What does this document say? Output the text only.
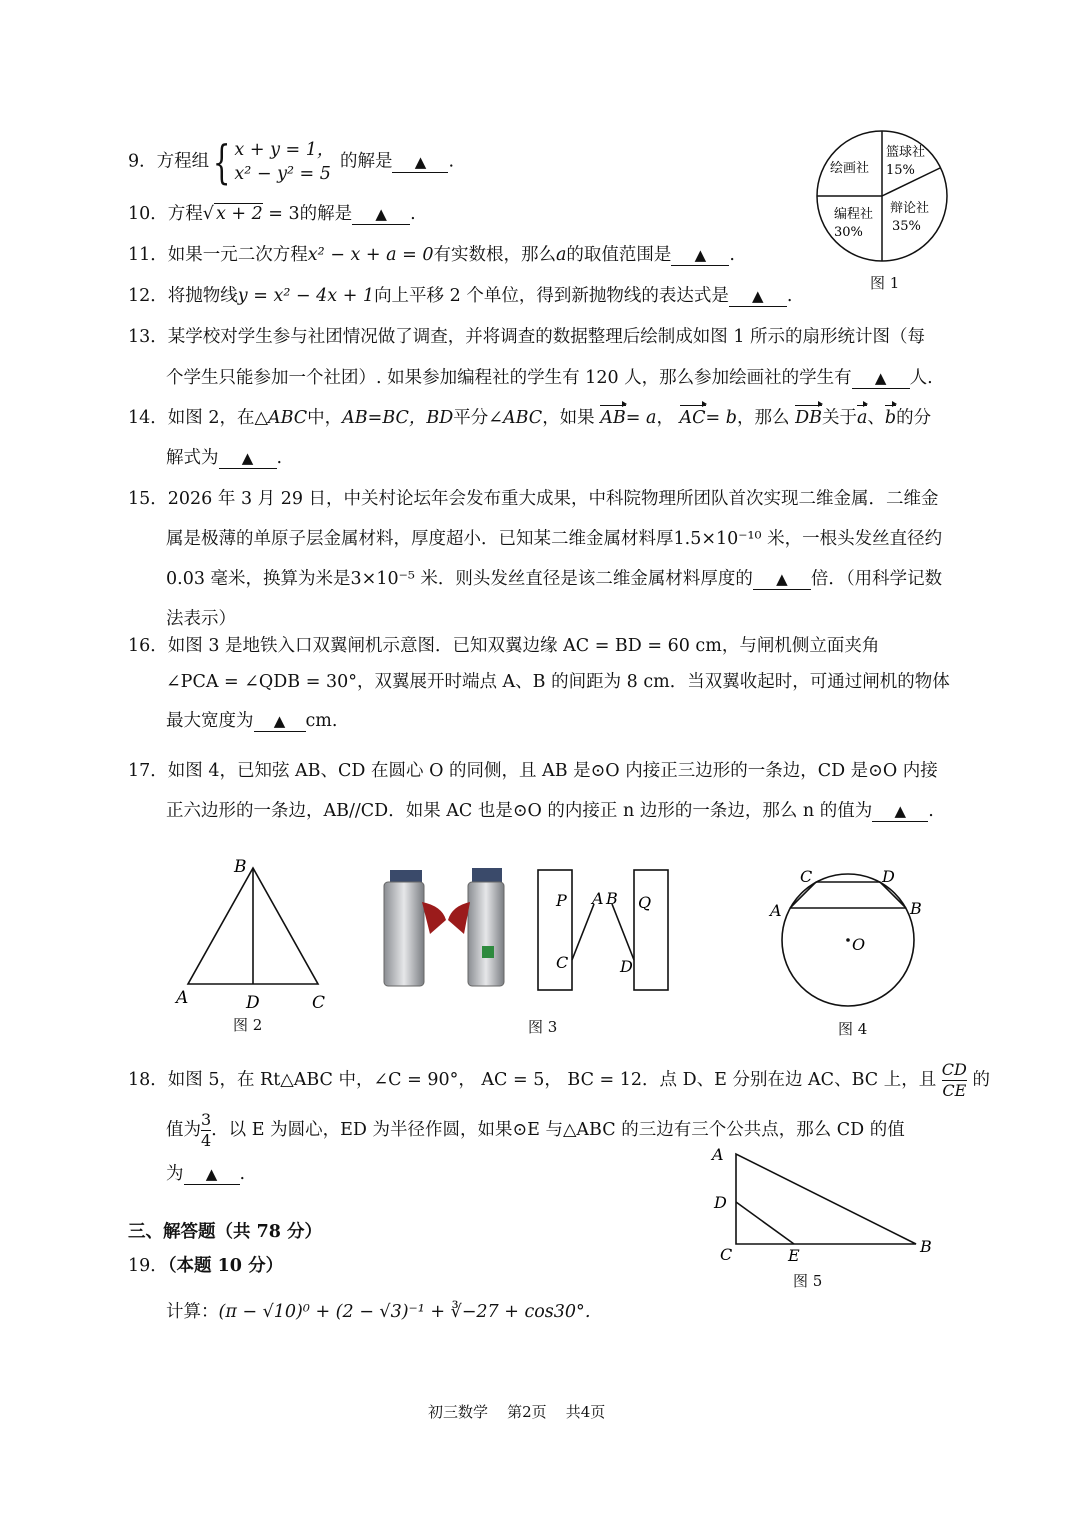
9．方程组{ x + y = 1，
x² − y² = 5
的解是 ▲ .
10．方程√ x + 2 = 3的解是 ▲ .
11．如果一元二次方程x² − x + a = 0有实数根，那么a的取值范围是 ▲ .
12．将抛物线y = x² − 4x + 1向上平移 2 个单位，得到新抛物线的表达式是 ▲ .
绘画社
篮球社
15%
辩论社
35%
编程社
30%
图 1
13．某学校对学生参与社团情况做了调查，并将调查的数据整理后绘制成如图 1 所示的扇形统计图（每
个学生只能参加一个社团）. 如果参加编程社的学生有 120 人，那么参加绘画社的学生有 ▲ 人.
14．如图 2，在△ABC中，AB=BC，BD平分∠ABC，如果 AB= a， AC= b，那么 DB关于a、b的分
解式为 ▲ .
15．2026 年 3 月 29 日，中关村论坛年会发布重大成果，中科院物理所团队首次实现二维金属．二维金
属是极薄的单原子层金属材料，厚度超小．已知某二维金属材料厚1.5×10⁻¹⁰ 米，一根头发丝直径约
0.03 毫米，换算为米是3×10⁻⁵ 米．则头发丝直径是该二维金属材料厚度的 ▲ 倍．（用科学记数
法表示）
16．如图 3 是地铁入口双翼闸机示意图．已知双翼边缘 AC = BD = 60 cm，与闸机侧立面夹角
∠PCA = ∠QDB = 30°，双翼展开时端点 A、B 的间距为 8 cm．当双翼收起时，可通过闸机的物体
最大宽度为 ▲ cm.
17．如图 4，已知弦 AB、CD 在圆心 O 的同侧，且 AB 是⊙O 内接正三边形的一条边，CD 是⊙O 内接
正六边形的一条边，AB//CD．如果 AC 也是⊙O 的内接正 n 边形的一条边，那么 n 的值为 ▲ .
B
A	D	C
图 2
P A B Q
C	D
图 3
C	D
A	B
O
图 4
18．如图 5，在 Rt△ABC 中，∠C = 90°， AC = 5， BC = 12．点 D、E 分别在边 AC、BC 上，且 $\frac{CD}{CE}$ 的
值为 $\frac{3}{4}$ ．以 E 为圆心，ED 为半径作圆，如果⊙E 与△ABC 的三边有三个公共点，那么 CD 的值
为 ▲ .
A
D
C	E	B
图 5
三、解答题（共 78 分）
19．（本题 10 分）
计算：(π − √10)⁰ + (2 − √3)⁻¹ + ∛−27 + cos30°．
初三数学    第2页    共4页
